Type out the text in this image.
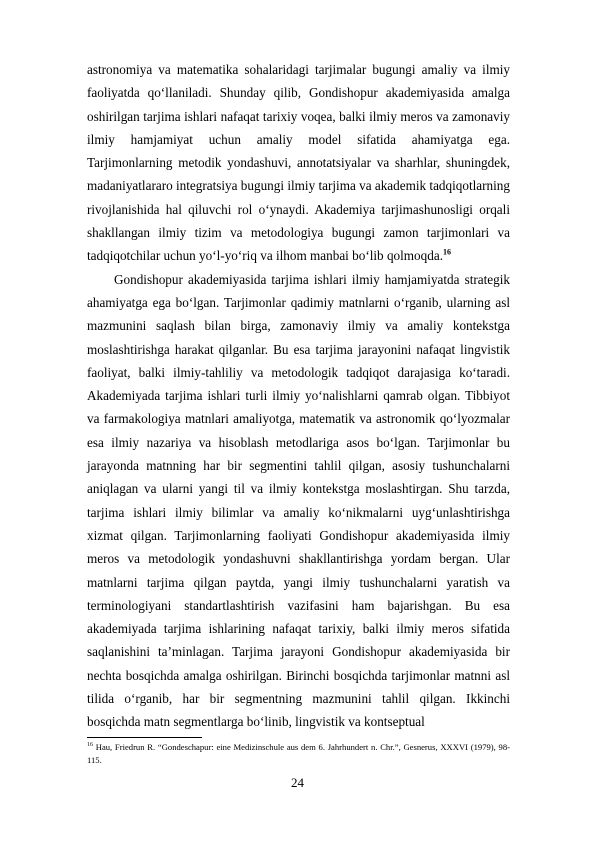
astronomiya va matematika sohalaridagi tarjimalar bugungi amaliy va ilmiy faoliyatda qo‘llaniladi. Shunday qilib, Gondishopur akademiyasida amalga oshirilgan tarjima ishlari nafaqat tarixiy voqea, balki ilmiy meros va zamonaviy ilmiy hamjamiyat uchun amaliy model sifatida ahamiyatga ega. Tarjimonlarning metodik yondashuvi, annotatsiyalar va sharhlar, shuningdek, madaniyatlararo integratsiya bugungi ilmiy tarjima va akademik tadqiqotlarning rivojlanishida hal qiluvchi rol o‘ynaydi. Akademiya tarjimashunosligi orqali shakllangan ilmiy tizim va metodologiya bugungi zamon tarjimonlari va tadqiqotchilar uchun yo‘l-yo‘riq va ilhom manbai bo‘lib qolmoqda.$^{16}$

Gondishopur akademiyasida tarjima ishlari ilmiy hamjamiyatda strategik ahamiyatga ega bo‘lgan. Tarjimonlar qadimiy matnlarni o‘rganib, ularning asl mazmunini saqlash bilan birga, zamonaviy ilmiy va amaliy kontekstga moslashtirishga harakat qilganlar. Bu esa tarjima jarayonini nafaqat lingvistik faoliyat, balki ilmiy-tahliliy va metodologik tadqiqot darajasiga ko‘taradi. Akademiyada tarjima ishlari turli ilmiy yo‘nalishlarni qamrab olgan. Tibbiyot va farmakologiya matnlari amaliyotga, matematik va astronomik qo‘lyozmalar esa ilmiy nazariya va hisoblash metodlariga asos bo‘lgan. Tarjimonlar bu jarayonda matnning har bir segmentini tahlil qilgan, asosiy tushunchalarni aniqlagan va ularni yangi til va ilmiy kontekstga moslashtirgan. Shu tarzda, tarjima ishlari ilmiy bilimlar va amaliy ko‘nikmalarni uyg‘unlashtirishga xizmat qilgan. Tarjimonlarning faoliyati Gondishopur akademiyasida ilmiy meros va metodologik yondashuvni shakllantirishga yordam bergan. Ular matnlarni tarjima qilgan paytda, yangi ilmiy tushunchalarni yaratish va terminologiyani standartlashtirish vazifasini ham bajarishgan. Bu esa akademiyada tarjima ishlarining nafaqat tarixiy, balki ilmiy meros sifatida saqlanishini ta’minlagan. Tarjima jarayoni Gondishopur akademiyasida bir nechta bosqichda amalga oshirilgan. Birinchi bosqichda tarjimonlar matnni asl tilida o‘rganib, har bir segmentning mazmunini tahlil qilgan. Ikkinchi bosqichda matn segmentlarga bo‘linib, lingvistik va kontseptual

$^{16}$ Hau, Friedrun R. “Gondeschapur: eine Medizinschule aus dem 6. Jahrhundert n. Chr.”, Gesnerus, XXXVI (1979), 98-115.
24
